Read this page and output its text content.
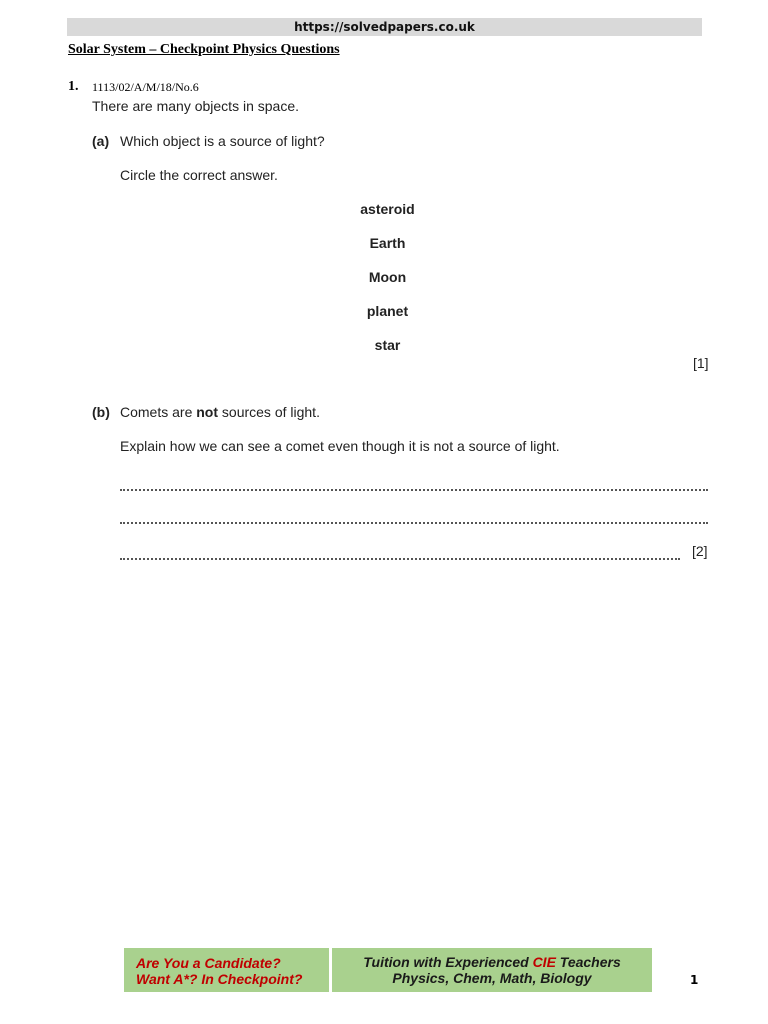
https://solvedpapers.co.uk
Solar System – Checkpoint Physics Questions
1. 1113/02/A/M/18/No.6
There are many objects in space.
(a) Which object is a source of light?
Circle the correct answer.
asteroid
Earth
Moon
planet
star
[1]
(b) Comets are not sources of light.
Explain how we can see a comet even though it is not a source of light.
[2]
Are You a Candidate?
Want A*? In Checkpoint?
Tuition with Experienced CIE Teachers
Physics, Chem, Math, Biology	1
